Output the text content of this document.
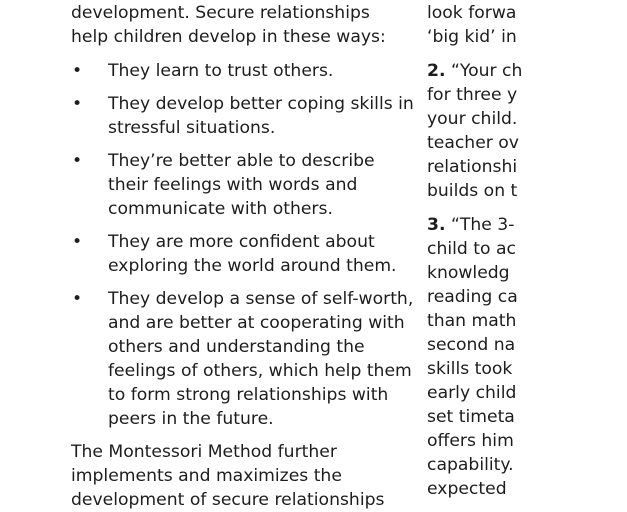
development. Secure relationships
help children develop in these ways:

• They learn to trust others.
• They develop better coping skills in
stressful situations.
• They’re better able to describe
their feelings with words and
communicate with others.
• They are more confident about
exploring the world around them.
• They develop a sense of self-worth,
and are better at cooperating with
others and understanding the
feelings of others, which help them
to form strong relationships with
peers in the future.

The Montessori Method further
implements and maximizes the
development of secure relationships

look forwa
‘big kid’ in

2. “Your ch
for three y
your child.
teacher ov
relationshi
builds on t

3. “The 3-
child to ac
knowledg
reading ca
than math
second na
skills took
early child
set timeta
offers him
capability.
expected
